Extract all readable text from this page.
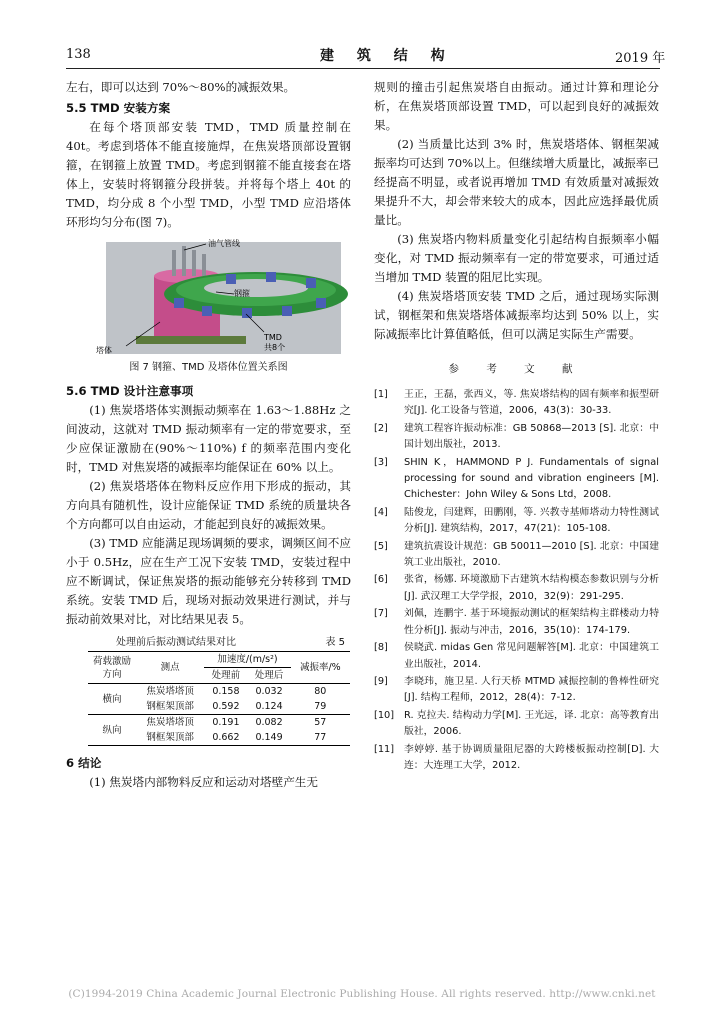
138	建 筑 结 构	2019 年
左右，即可以达到 70%～80%的减振效果。
5.5 TMD 安装方案
在每个塔顶部安装 TMD，TMD 质量控制在 40t。考虑到塔体不能直接施焊，在焦炭塔顶部设置钢箍，在钢箍上放置 TMD。考虑到钢箍不能直接套在塔体上，安装时将钢箍分段拼装。并将每个塔上 40t 的 TMD，均分成 8 个小型 TMD，小型 TMD 应沿塔体环形均匀分布(图 7)。
油气管线
钢箍
TMD
共8个
塔体
图 7 钢箍、TMD 及塔体位置关系图
5.6 TMD 设计注意事项
(1) 焦炭塔塔体实测振动频率在 1.63～1.88Hz 之间波动，这就对 TMD 振动频率有一定的带宽要求，至少应保证激励在(90%～110%) f 的频率范围内变化时，TMD 对焦炭塔的减振率均能保证在 60% 以上。
(2) 焦炭塔塔体在物料反应作用下形成的振动，其方向具有随机性，设计应能保证 TMD 系统的质量块各个方向都可以自由运动，才能起到良好的减振效果。
(3) TMD 应能满足现场调频的要求，调频区间不应小于 0.5Hz，应在生产工况下安装 TMD，安装过程中应不断调试，保证焦炭塔的振动能够充分转移到 TMD 系统。安装 TMD 后，现场对振动效果进行测试，并与振动前效果对比，对比结果见表 5。
处理前后振动测试结果对比	表 5
荷载激励方向	测点	加速度/(m/s²)		减振率/%
		处理前	处理后	
横向	焦炭塔塔顶	0.158	0.032	80
	钢框架顶部	0.592	0.124	79
纵向	焦炭塔塔顶	0.191	0.082	57
	钢框架顶部	0.662	0.149	77
6 结论
(1) 焦炭塔内部物料反应和运动对塔壁产生无
规则的撞击引起焦炭塔自由振动。通过计算和理论分析，在焦炭塔顶部设置 TMD，可以起到良好的减振效果。
(2) 当质量比达到 3% 时，焦炭塔塔体、钢框架减振率均可达到 70%以上。但继续增大质量比，减振率已经提高不明显，或者说再增加 TMD 有效质量对减振效果提升不大，却会带来较大的成本，因此应选择最优质量比。
(3) 焦炭塔内物料质量变化引起结构自振频率小幅变化，对 TMD 振动频率有一定的带宽要求，可通过适当增加 TMD 装置的阻尼比实现。
(4) 焦炭塔塔顶安装 TMD 之后，通过现场实际测试，钢框架和焦炭塔塔体减振率均达到 50% 以上，实际减振率比计算值略低，但可以满足实际生产需要。
参 考 文 献
[1] 王正，王磊，张西义，等. 焦炭塔结构的固有频率和振型研究[J]. 化工设备与管道，2006，43(3)：30-33.
[2] 建筑工程容许振动标准：GB 50868—2013 [S]. 北京：中国计划出版社，2013.
[3] SHIN K，HAMMOND P J. Fundamentals of signal processing for sound and vibration engineers [M]. Chichester：John Wiley & Sons Ltd，2008.
[4] 陆俊龙，闫建辉，田鹏刚，等. 兴教寺基师塔动力特性测试分析[J]. 建筑结构，2017，47(21)：105-108.
[5] 建筑抗震设计规范：GB 50011—2010 [S]. 北京：中国建筑工业出版社，2010.
[6] 张省，杨娜. 环境激励下古建筑木结构模态参数识别与分析[J]. 武汉理工大学学报，2010，32(9)：291-295.
[7] 刘佩，连鹏宇. 基于环境振动测试的框架结构主群楼动力特性分析[J]. 振动与冲击，2016，35(10)：174-179.
[8] 侯晓武. midas Gen 常见问题解答[M]. 北京：中国建筑工业出版社，2014.
[9] 李晓玮，施卫星. 人行天桥 MTMD 减振控制的鲁棒性研究[J]. 结构工程师，2012，28(4)：7-12.
[10] R. 克拉夫. 结构动力学[M]. 王光远，译. 北京：高等教育出版社，2006.
[11] 李婷婷. 基于协调质量阻尼器的大跨楼板振动控制[D]. 大连：大连理工大学，2012.
(C)1994-2019 China Academic Journal Electronic Publishing House. All rights reserved. http://www.cnki.net
